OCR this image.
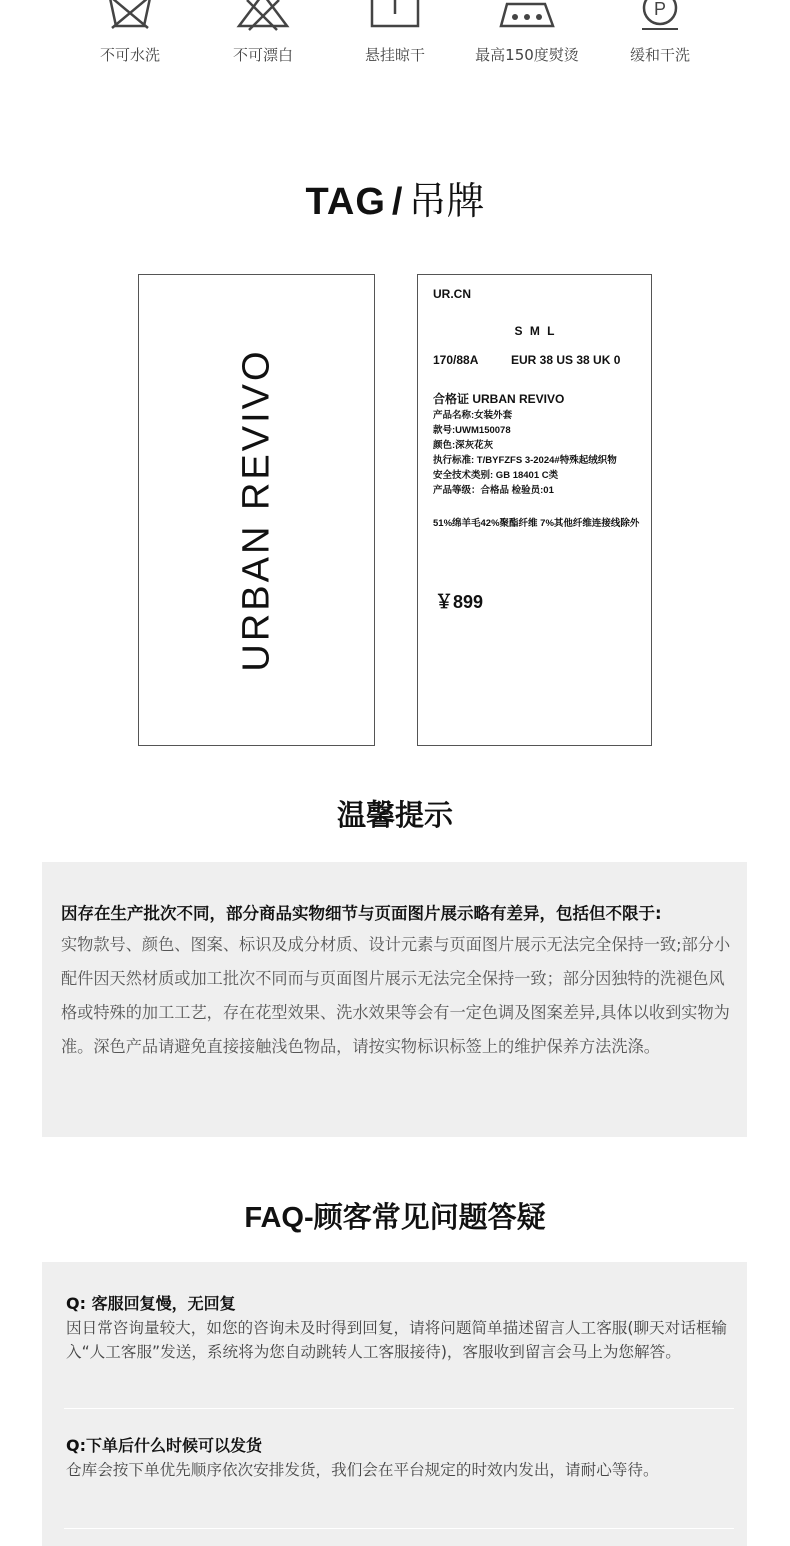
不可水洗	不可漂白	悬挂晾干	最高150度熨烫
P
缓和干洗
TAG / 吊牌
URBAN REVIVO
UR.CN
S M L
170/88A	EUR 38 US 38 UK 0
合格证 URBAN REVIVO
产品名称:女装外套
款号:UWM150078
颜色:深灰花灰
执行标准: T/BYFZFS 3-2024#特殊起绒织物
安全技术类别: GB 18401 C类
产品等级：合格品 检验员:01
51%绵羊毛42%聚酯纤维 7%其他纤维连接线除外
￥899
温馨提示
因存在生产批次不同，部分商品实物细节与页面图片展示略有差异，包括但不限于:
实物款号、颜色、图案、标识及成分材质、设计元素与页面图片展示无法完全保持一致;部分小配件因天然材质或加工批次不同而与页面图片展示无法完全保持一致；部分因独特的洗褪色风格或特殊的加工工艺，存在花型效果、洗水效果等会有一定色调及图案差异,具体以收到实物为准。深色产品请避免直接接触浅色物品，请按实物标识标签上的维护保养方法洗涤。
FAQ-顾客常见问题答疑
Q: 客服回复慢，无回复
因日常咨询量较大，如您的咨询未及时得到回复，请将问题简单描述留言人工客服(聊天对话框输入“人工客服”发送，系统将为您自动跳转人工客服接待)，客服收到留言会马上为您解答。
Q:下单后什么时候可以发货
仓库会按下单优先顺序依次安排发货，我们会在平台规定的时效内发出，请耐心等待。
